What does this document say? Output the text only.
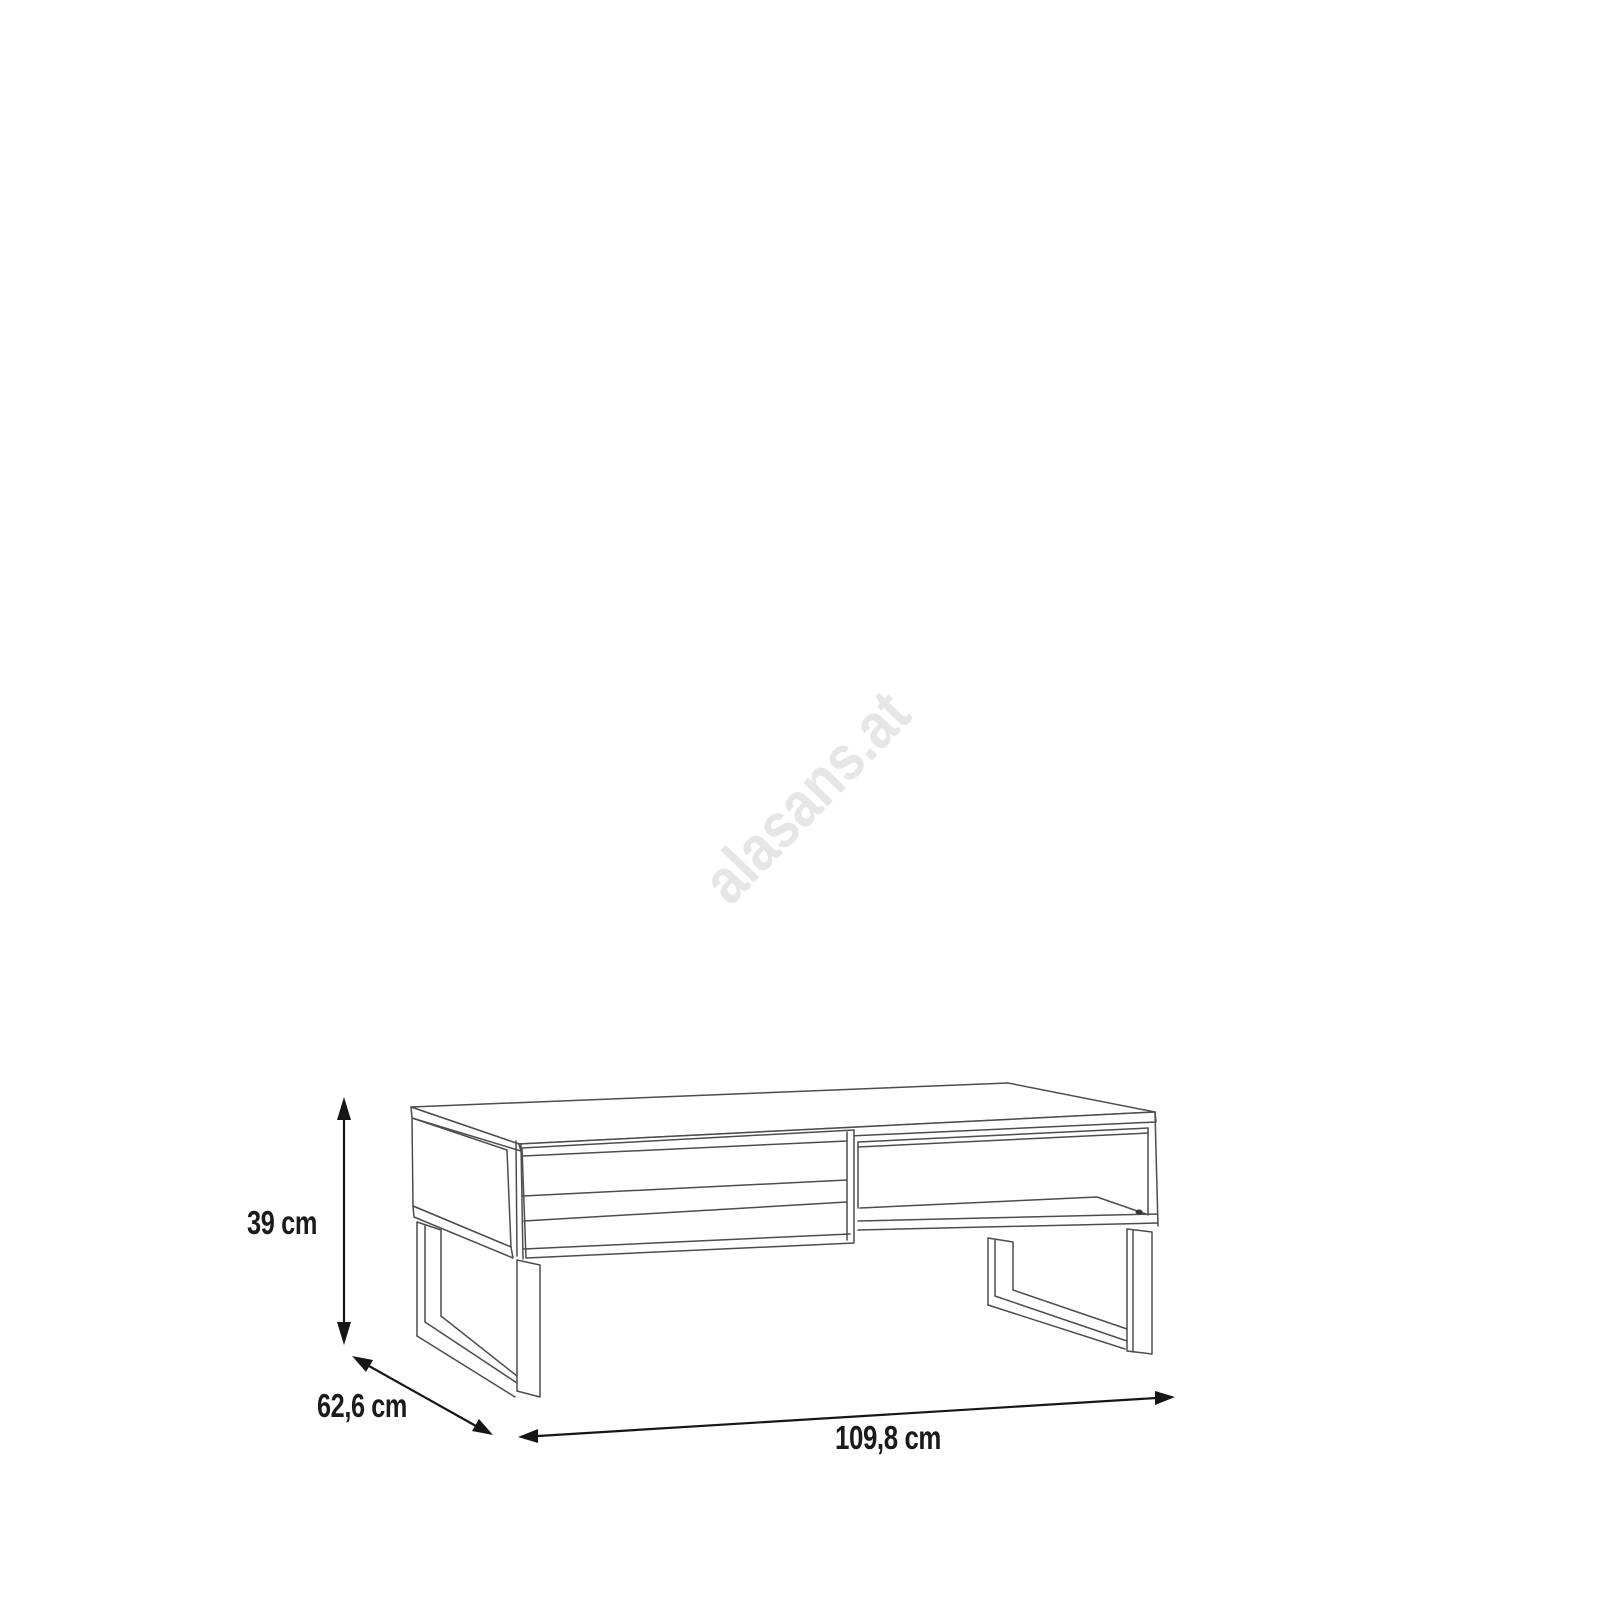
alasans.at
39 cm
62,6 cm
109,8 cm
